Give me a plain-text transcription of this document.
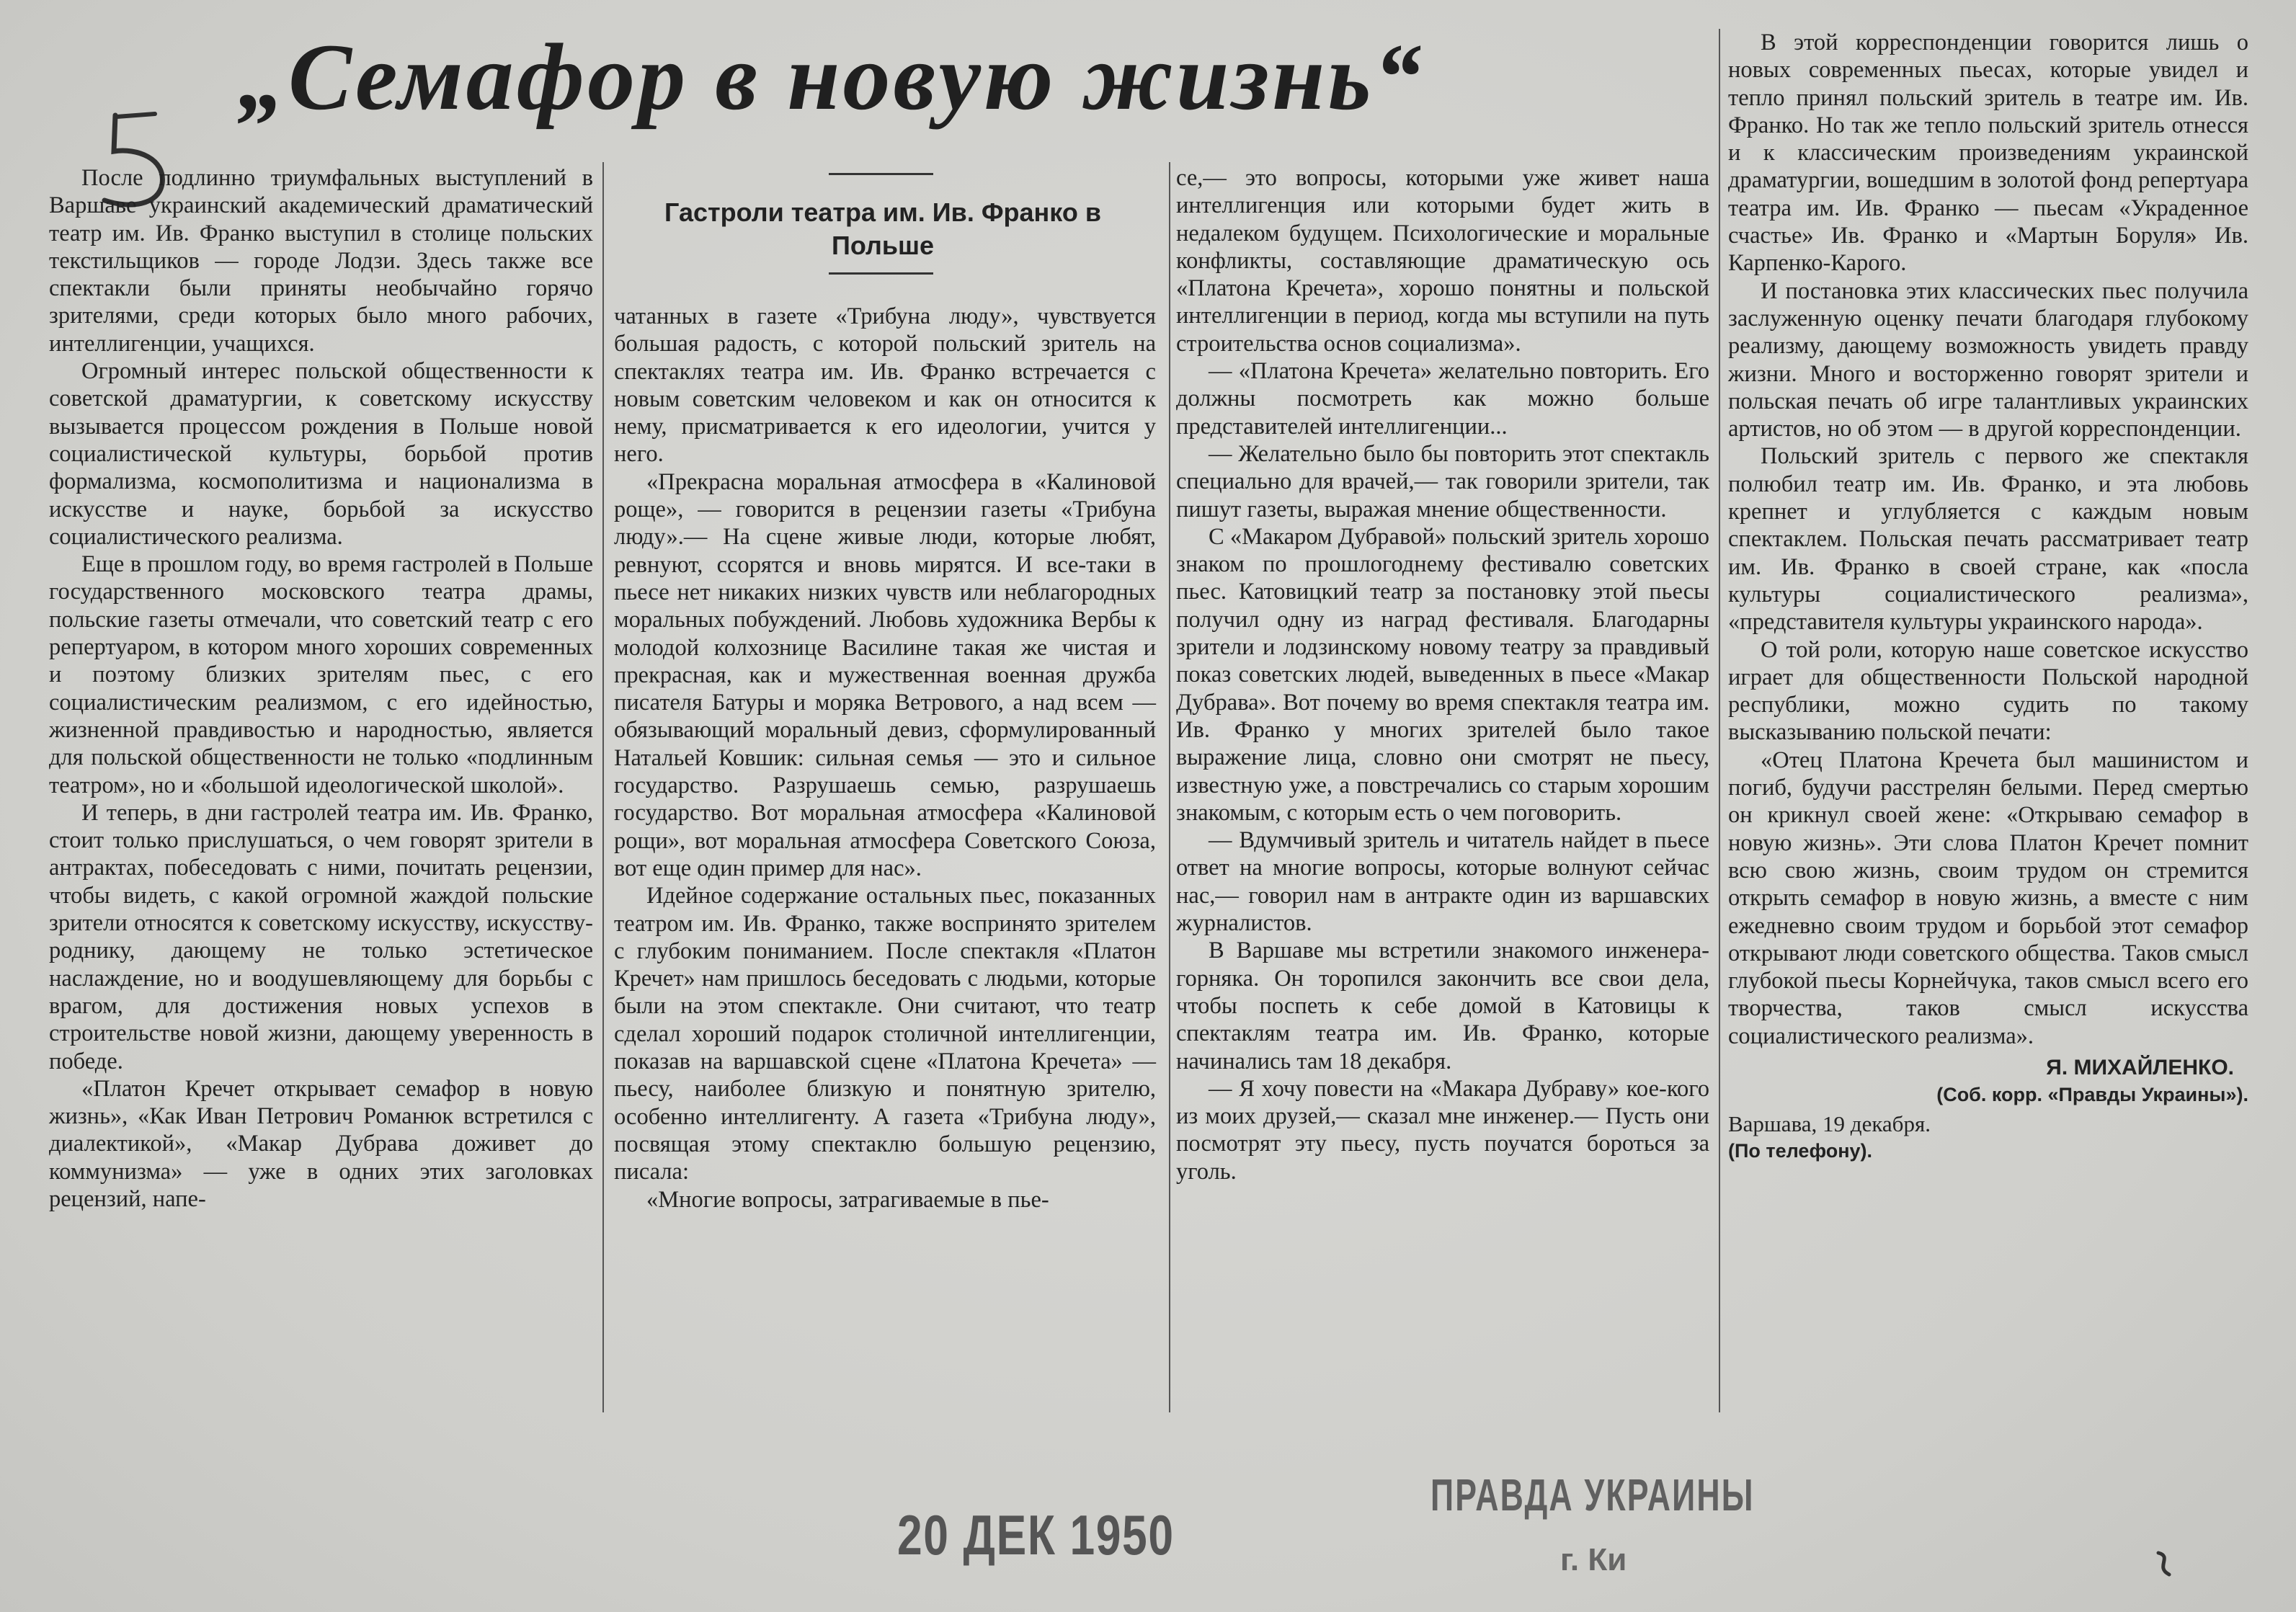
„Семафор в новую жизнь“
Гастроли театра им. Ив. Франко в Польше

После подлинно триумфальных выступлений в Варшаве украинский академический драматический театр им. Ив. Франко выступил в столице польских текстильщиков — городе Лодзи. Здесь также все спектакли были приняты необычайно горячо зрителями, среди которых было много рабочих, интеллигенции, учащихся.

Огромный интерес польской общественности к советской драматургии, к советскому искусству вызывается процессом рождения в Польше новой социалистической культуры, борьбой против формализма, космополитизма и национализма в искусстве и науке, борьбой за искусство социалистического реализма.

Еще в прошлом году, во время гастролей в Польше государственного московского театра драмы, польские газеты отмечали, что советский театр с его репертуаром, в котором много хороших современных и поэтому близких зрителям пьес, с его социалистическим реализмом, с его идейностью, жизненной правдивостью и народностью, является для польской общественности не только «подлинным театром», но и «большой идеологической школой».

И теперь, в дни гастролей театра им. Ив. Франко, стоит только прислушаться, о чем говорят зрители в антрактах, побеседовать с ними, почитать рецензии, чтобы видеть, с какой огромной жаждой польские зрители относятся к советскому искусству, искусству-роднику, дающему не только эстетическое наслаждение, но и воодушевляющему для борьбы с врагом, для достижения новых успехов в строительстве новой жизни, дающему уверенность в победе.

«Платон Кречет открывает семафор в новую жизнь», «Как Иван Петрович Романюк встретился с диалектикой», «Макар Дубрава доживет до коммунизма» — уже в одних этих заголовках рецензий, напе-

чатанных в газете «Трибуна люду», чувствуется большая радость, с которой польский зритель на спектаклях театра им. Ив. Франко встречается с новым советским человеком и как он относится к нему, присматривается к его идеологии, учится у него.

«Прекрасна моральная атмосфера в «Калиновой роще», — говорится в рецензии газеты «Трибуна люду».— На сцене живые люди, которые любят, ревнуют, ссорятся и вновь мирятся. И все-таки в пьесе нет никаких низких чувств или неблагородных моральных побуждений. Любовь художника Вербы к молодой колхознице Василине такая же чистая и прекрасная, как и мужественная военная дружба писателя Батуры и моряка Ветрового, а над всем — обязывающий моральный девиз, сформулированный Натальей Ковшик: сильная семья — это и сильное государство. Разрушаешь семью, разрушаешь государство. Вот моральная атмосфера «Калиновой рощи», вот моральная атмосфера Советского Союза, вот еще один пример для нас».

Идейное содержание остальных пьес, показанных театром им. Ив. Франко, также воспринято зрителем с глубоким пониманием. После спектакля «Платон Кречет» нам пришлось беседовать с людьми, которые были на этом спектакле. Они считают, что театр сделал хороший подарок столичной интеллигенции, показав на варшавской сцене «Платона Кречета» — пьесу, наиболее близкую и понятную зрителю, особенно интеллигенту. А газета «Трибуна люду», посвящая этому спектаклю большую рецензию, писала:

«Многие вопросы, затрагиваемые в пье-

се,— это вопросы, которыми уже живет наша интеллигенция или которыми будет жить в недалеком будущем. Психологические и моральные конфликты, составляющие драматическую ось «Платона Кречета», хорошо понятны и польской интеллигенции в период, когда мы вступили на путь строительства основ социализма».

— «Платона Кречета» желательно повторить. Его должны посмотреть как можно больше представителей интеллигенции...

— Желательно было бы повторить этот спектакль специально для врачей,— так говорили зрители, так пишут газеты, выражая мнение общественности.

С «Макаром Дубравой» польский зритель хорошо знаком по прошлогоднему фестивалю советских пьес. Катовицкий театр за постановку этой пьесы получил одну из наград фестиваля. Благодарны зрители и лодзинскому новому театру за правдивый показ советских людей, выведенных в пьесе «Макар Дубрава». Вот почему во время спектакля театра им. Ив. Франко у многих зрителей было такое выражение лица, словно они смотрят не пьесу, известную уже, а повстречались со старым хорошим знакомым, с которым есть о чем поговорить.

— Вдумчивый зритель и читатель найдет в пьесе ответ на многие вопросы, которые волнуют сейчас нас,— говорил нам в антракте один из варшавских журналистов.

В Варшаве мы встретили знакомого инженера-горняка. Он торопился закончить все свои дела, чтобы поспеть к себе домой в Катовицы к спектаклям театра им. Ив. Франко, которые начинались там 18 декабря.

— Я хочу повести на «Макара Дубраву» кое-кого из моих друзей,— сказал мне инженер.— Пусть они посмотрят эту пьесу, пусть поучатся бороться за уголь.

В этой корреспонденции говорится лишь о новых современных пьесах, которые увидел и тепло принял польский зритель в театре им. Ив. Франко. Но так же тепло польский зритель отнесся и к классическим произведениям украинской драматургии, вошедшим в золотой фонд репертуара театра им. Ив. Франко — пьесам «Украденное счастье» Ив. Франко и «Мартын Боруля» Ив. Карпенко-Карого.

И постановка этих классических пьес получила заслуженную оценку печати благодаря глубокому реализму, дающему возможность увидеть правду жизни. Много и восторженно говорят зрители и польская печать об игре талантливых украинских артистов, но об этом — в другой корреспонденции.

Польский зритель с первого же спектакля полюбил театр им. Ив. Франко, и эта любовь крепнет и углубляется с каждым новым спектаклем. Польская печать рассматривает театр им. Ив. Франко в своей стране, как «посла культуры социалистического реализма», «представителя культуры украинского народа».

О той роли, которую наше советское искусство играет для общественности Польской народной республики, можно судить по такому высказыванию польской печати:

«Отец Платона Кречета был машинистом и погиб, будучи расстрелян белыми. Перед смертью он крикнул своей жене: «Открываю семафор в новую жизнь». Эти слова Платон Кречет помнит всю свою жизнь, своим трудом он стремится открыть семафор в новую жизнь, а вместе с ним ежедневно своим трудом и борьбой этот семафор открывают люди советского общества. Таков смысл глубокой пьесы Корнейчука, таков смысл всего его творчества, таков смысл искусства социалистического реализма».

Я. МИХАЙЛЕНКО.
(Соб. корр. «Правды Украины»).
Варшава, 19 декабря.
(По телефону).
20 ДЕК 1950
ПРАВДА УКРАИНЫ
г. Ки
